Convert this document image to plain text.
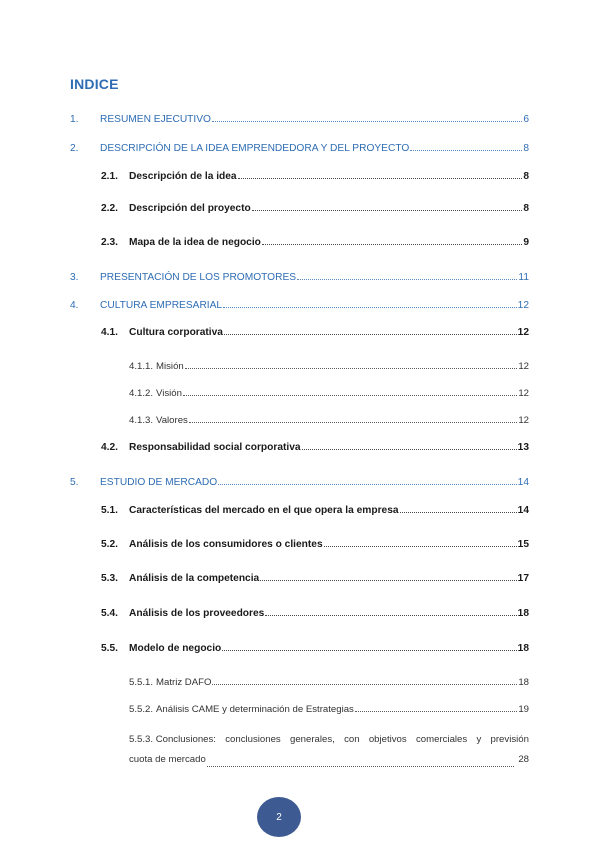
INDICE
1.	RESUMEN EJECUTIVO	6
2.	DESCRIPCIÓN DE LA IDEA EMPRENDEDORA Y DEL PROYECTO	8
2.1.	Descripción de la idea	8
2.2.	Descripción del proyecto	8
2.3.	Mapa de la idea de negocio	9
3.	PRESENTACIÓN DE LOS PROMOTORES	11
4.	CULTURA EMPRESARIAL	12
4.1.	Cultura corporativa	12
4.1.1. Misión	12
4.1.2. Visión	12
4.1.3. Valores	12
4.2.	Responsabilidad social corporativa	13
5.	ESTUDIO DE MERCADO	14
5.1.	Características del mercado en el que opera la empresa	14
5.2.	Análisis de los consumidores o clientes	15
5.3.	Análisis de la competencia	17
5.4.	Análisis de los proveedores	18
5.5.	Modelo de negocio	18
5.5.1. Matriz DAFO	18
5.5.2. Análisis CAME y determinación de Estrategias	19
5.5.3. Conclusiones: conclusiones generales, con objetivos comerciales y previsión
cuota de mercado	28
2
